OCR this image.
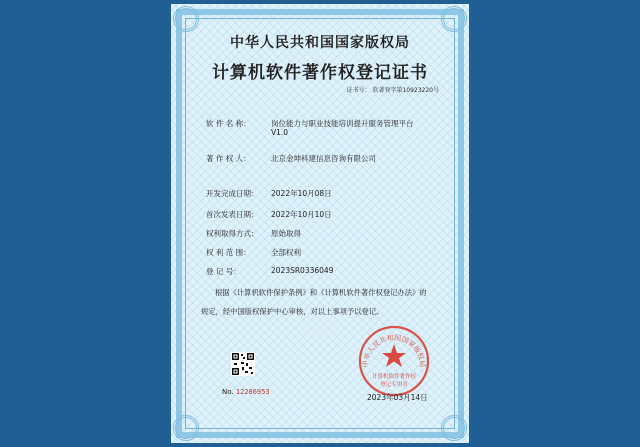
中华人民共和国国家版权局
计算机软件著作权登记证书
证书号： 软著登字第10923220号
软 件 名 称：	岗位能力与职业技能培训提升服务管理平台
V1.0
著 作 权 人：	北京金坤科建信息咨询有限公司
开发完成日期： 2022年10月08日
首次发表日期： 2022年10月10日
权利取得方式： 原始取得
权 利 范 围：	全部权利
登 记 号：	2023SR0336049
根据《计算机软件保护条例》和《计算机软件著作权登记办法》的
规定，经中国版权保护中心审核，对以上事项予以登记。
No. 12286953
中华人民共和国国家版权局
计算机软件著作权
登记专用章
2023年03月14日
